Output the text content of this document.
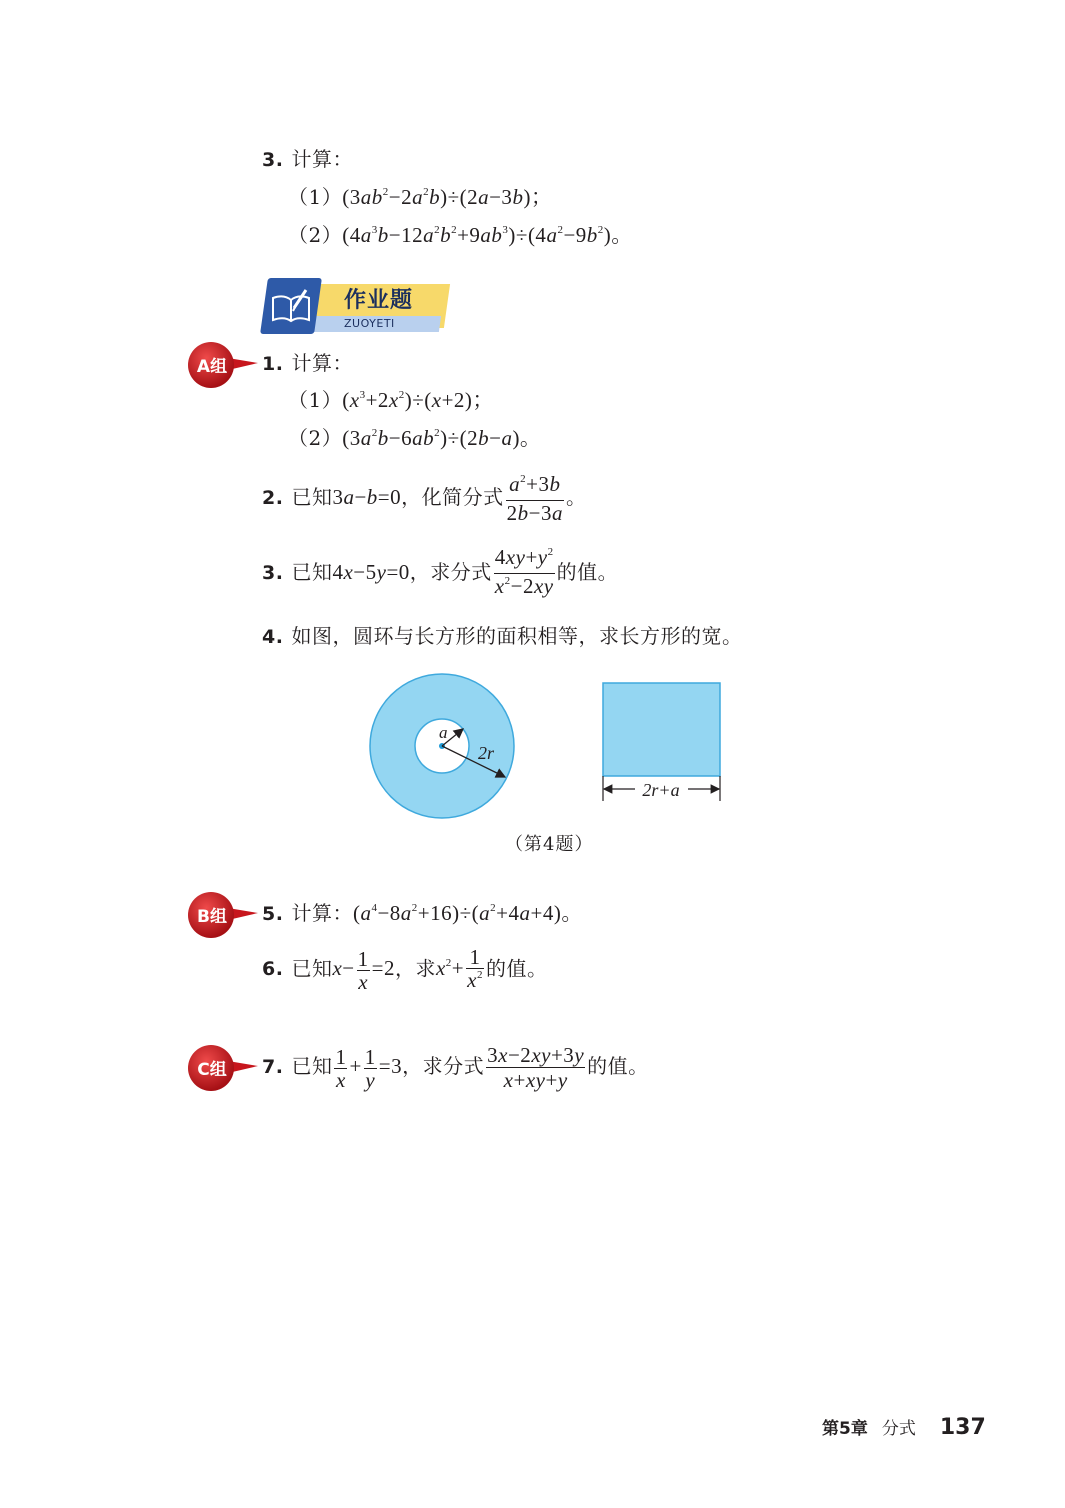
3. 计算：
$(1)(3ab^2-2a^2b)\div(2a-3b)$；
$(2)(4a^3b-12a^2b^2+9ab^3)\div(4a^2-9b^2)$。
作业题
ZUOYETI
A组	1. 计算：
$(1)(x^3+2x^2)\div(x+2)$；
$(2)(3a^2b-6ab^2)\div(2b-a)$。
2. 已知3a−b=0，化简分式 $\frac{a^2+3b}{2b-3a}$ 。
3. 已知4x−5y=0，求分式 $\frac{4xy+y^2}{x^2-2xy}$ 的值。
4. 如图，圆环与长方形的面积相等，求长方形的宽。
a
2r
2r+a
（第4题）
B组	5. 计算：$(a^4-8a^2+16)\div(a^2+4a+4)$。
6. 已知$x- \frac{1}{x} =2$，求$x^2+ \frac{1}{x^2}$ 的值。
C组	7. 已知 $\frac{1}{x} + \frac{1}{y} =3$，求分式 $\frac{3x-2xy+3y}{x+xy+y}$ 的值。
第5章 分式 137
